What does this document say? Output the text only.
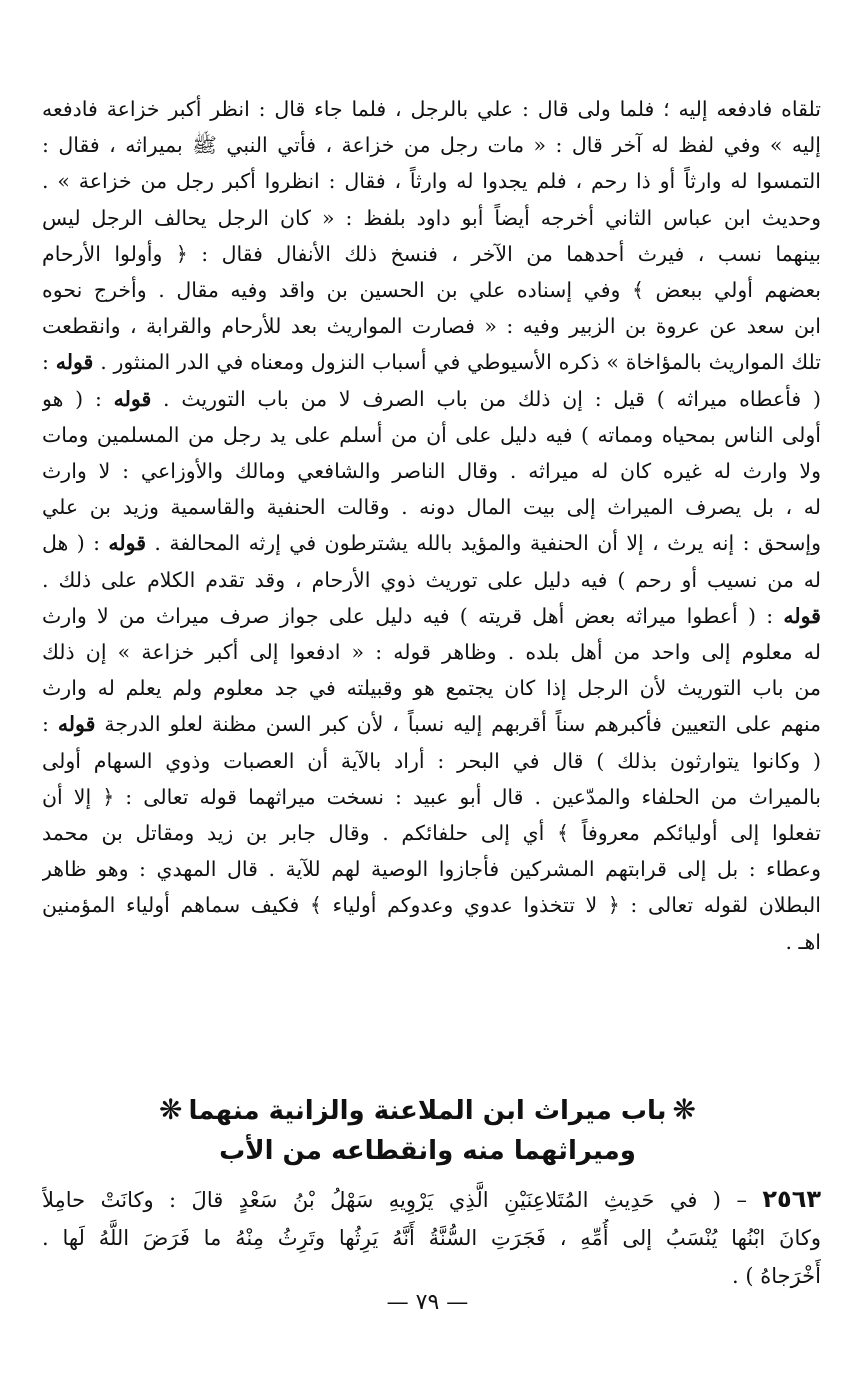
تلقاه فادفعه إليه ؛ فلما ولى قال : علي بالرجل ، فلما جاء قال : انظر أكبر خزاعة فادفعه
إليه » وفي لفظ له آخر قال : « مات رجل من خزاعة ، فأتي النبي ﷺ بميراثه ، فقال :
التمسوا له وارثاً أو ذا رحم ، فلم يجدوا له وارثاً ، فقال : انظروا أكبر رجل من خزاعة » .
وحديث ابن عباس الثاني أخرجه أيضاً أبو داود بلفظ : « كان الرجل يحالف الرجل ليس
بينهما نسب ، فيرث أحدهما من الآخر ، فنسخ ذلك الأنفال فقال : ﴿ وأولوا الأرحام
بعضهم أولي ببعض ﴾ وفي إسناده علي بن الحسين بن واقد وفيه مقال . وأخرج نحوه
ابن سعد عن عروة بن الزبير وفيه : « فصارت المواريث بعد للأرحام والقرابة ، وانقطعت
تلك المواريث بالمؤاخاة » ذكره الأسيوطي في أسباب النزول ومعناه في الدر المنثور . قوله :
( فأعطاه ميراثه ) قيل : إن ذلك من باب الصرف لا من باب التوريث . قوله : ( هو
أولى الناس بمحياه ومماته ) فيه دليل على أن من أسلم على يد رجل من المسلمين ومات
ولا وارث له غيره كان له ميراثه . وقال الناصر والشافعي ومالك والأوزاعي : لا وارث
له ، بل يصرف الميراث إلى بيت المال دونه . وقالت الحنفية والقاسمية وزيد بن علي
وإسحق : إنه يرث ، إلا أن الحنفية والمؤيد بالله يشترطون في إرثه المحالفة . قوله : ( هل
له من نسيب أو رحم ) فيه دليل على توريث ذوي الأرحام ، وقد تقدم الكلام على ذلك .
قوله : ( أعطوا ميراثه بعض أهل قريته ) فيه دليل على جواز صرف ميراث من لا وارث
له معلوم إلى واحد من أهل بلده . وظاهر قوله : « ادفعوا إلى أكبر خزاعة » إن ذلك
من باب التوريث لأن الرجل إذا كان يجتمع هو وقبيلته في جد معلوم ولم يعلم له وارث
منهم على التعيين فأكبرهم سناً أقربهم إليه نسباً ، لأن كبر السن مظنة لعلو الدرجة قوله :
( وكانوا يتوارثون بذلك ) قال في البحر : أراد بالآية أن العصبات وذوي السهام أولى
بالميراث من الحلفاء والمدّعين . قال أبو عبيد : نسخت ميراثهما قوله تعالى : ﴿ إلا أن
تفعلوا إلى أوليائكم معروفاً ﴾ أي إلى حلفائكم . وقال جابر بن زيد ومقاتل بن محمد
وعطاء : بل إلى قرابتهم المشركين فأجازوا الوصية لهم للآية . قال المهدي : وهو ظاهر
البطلان لقوله تعالى : ﴿ لا تتخذوا عدوي وعدوكم أولياء ﴾ فكيف سماهم أولياء المؤمنين
اهـ .
❋باب ميراث ابن الملاعنة والزانية منهما❋
وميراثهما منه وانقطاعه من الأب
٢٥٦٣ – ( في حَدِيثِ المُتَلاعِنَيْنِ الَّذِي يَرْوِيهِ سَهْلُ بْنُ سَعْدٍ قالَ : وكانَتْ حامِلاً
وكانَ ابْنُها يُنْسَبُ إلى أُمِّهِ ، فَجَرَتِ السُّنَّةُ أَنَّهُ يَرِثُها وتَرِثُ مِنْهُ ما فَرَضَ اللَّهُ لَها .
أَخْرَجاهُ ) .
— ٧٩ —
